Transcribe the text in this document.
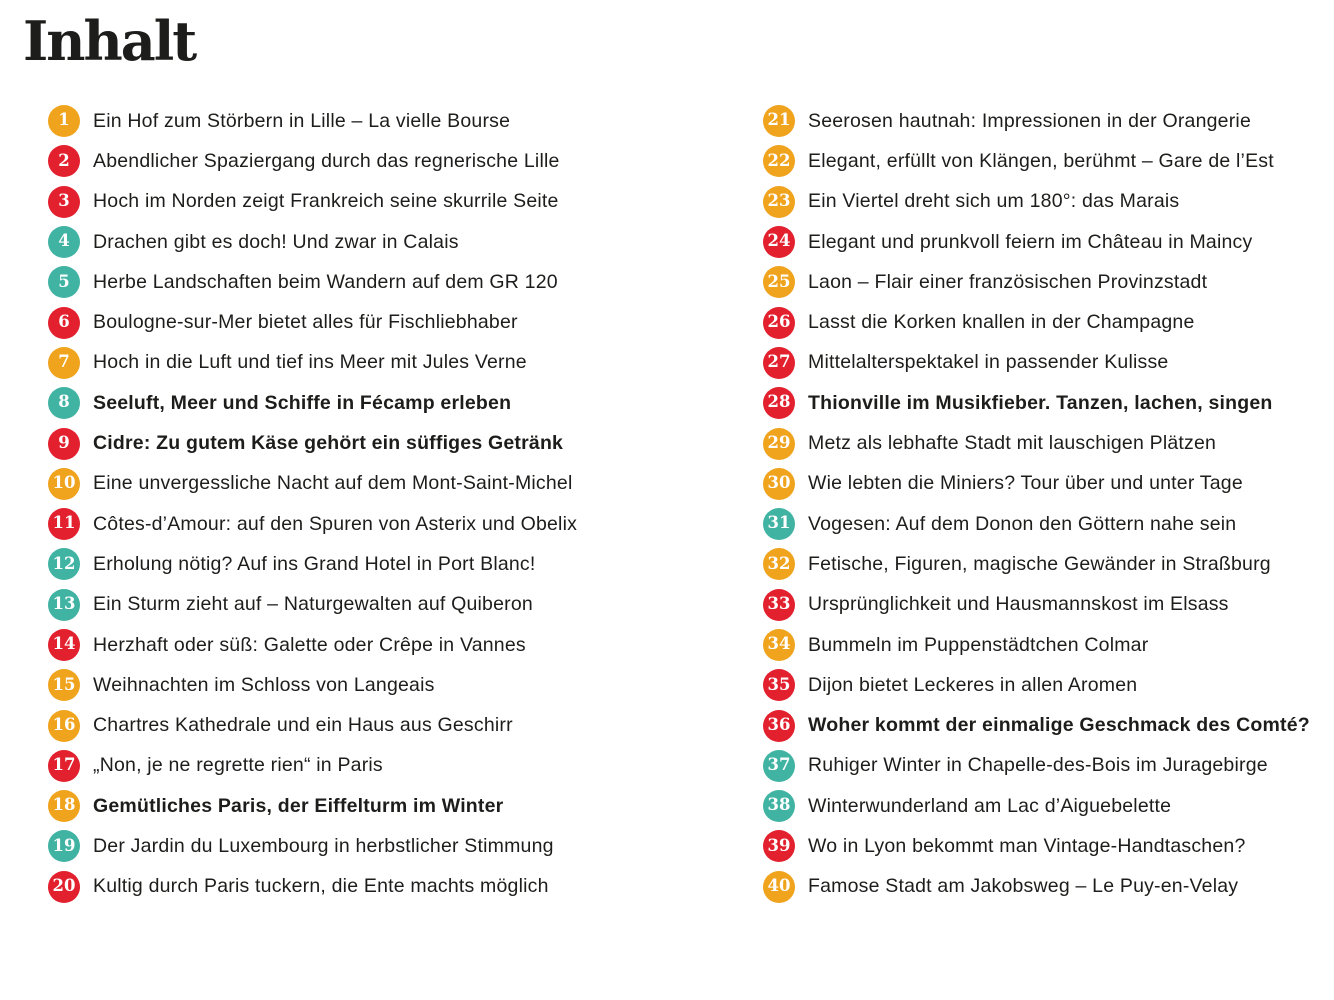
Inhalt
1	Ein Hof zum Störbern in Lille – La vielle Bourse
2	Abendlicher Spaziergang durch das regnerische Lille
3	Hoch im Norden zeigt Frankreich seine skurrile Seite
4	Drachen gibt es doch! Und zwar in Calais
5	Herbe Landschaften beim Wandern auf dem GR 120
6	Boulogne-sur-Mer bietet alles für Fischliebhaber
7	Hoch in die Luft und tief ins Meer mit Jules Verne
8	Seeluft, Meer und Schiffe in Fécamp erleben
9	Cidre: Zu gutem Käse gehört ein süffiges Getränk
10 Eine unvergessliche Nacht auf dem Mont-Saint-Michel
11 Côtes-d’Amour: auf den Spuren von Asterix und Obelix
12 Erholung nötig? Auf ins Grand Hotel in Port Blanc!
13 Ein Sturm zieht auf – Naturgewalten auf Quiberon
14 Herzhaft oder süß: Galette oder Crêpe in Vannes
15 Weihnachten im Schloss von Langeais
16 Chartres Kathedrale und ein Haus aus Geschirr
17 „Non, je ne regrette rien“ in Paris
18 Gemütliches Paris, der Eiffelturm im Winter
19 Der Jardin du Luxembourg in herbstlicher Stimmung
20 Kultig durch Paris tuckern, die Ente machts möglich
21 Seerosen hautnah: Impressionen in der Orangerie
22 Elegant, erfüllt von Klängen, berühmt – Gare de l’Est
23 Ein Viertel dreht sich um 180°: das Marais
24 Elegant und prunkvoll feiern im Château in Maincy
25 Laon – Flair einer französischen Provinzstadt
26 Lasst die Korken knallen in der Champagne
27 Mittelalterspektakel in passender Kulisse
28 Thionville im Musikfieber. Tanzen, lachen, singen
29 Metz als lebhafte Stadt mit lauschigen Plätzen
30 Wie lebten die Miniers? Tour über und unter Tage
31 Vogesen: Auf dem Donon den Göttern nahe sein
32 Fetische, Figuren, magische Gewänder in Straßburg
33 Ursprünglichkeit und Hausmannskost im Elsass
34 Bummeln im Puppenstädtchen Colmar
35 Dijon bietet Leckeres in allen Aromen
36 Woher kommt der einmalige Geschmack des Comté?
37 Ruhiger Winter in Chapelle-des-Bois im Juragebirge
38 Winterwunderland am Lac d’Aiguebelette
39 Wo in Lyon bekommt man Vintage-Handtaschen?
40 Famose Stadt am Jakobsweg – Le Puy-en-Velay
